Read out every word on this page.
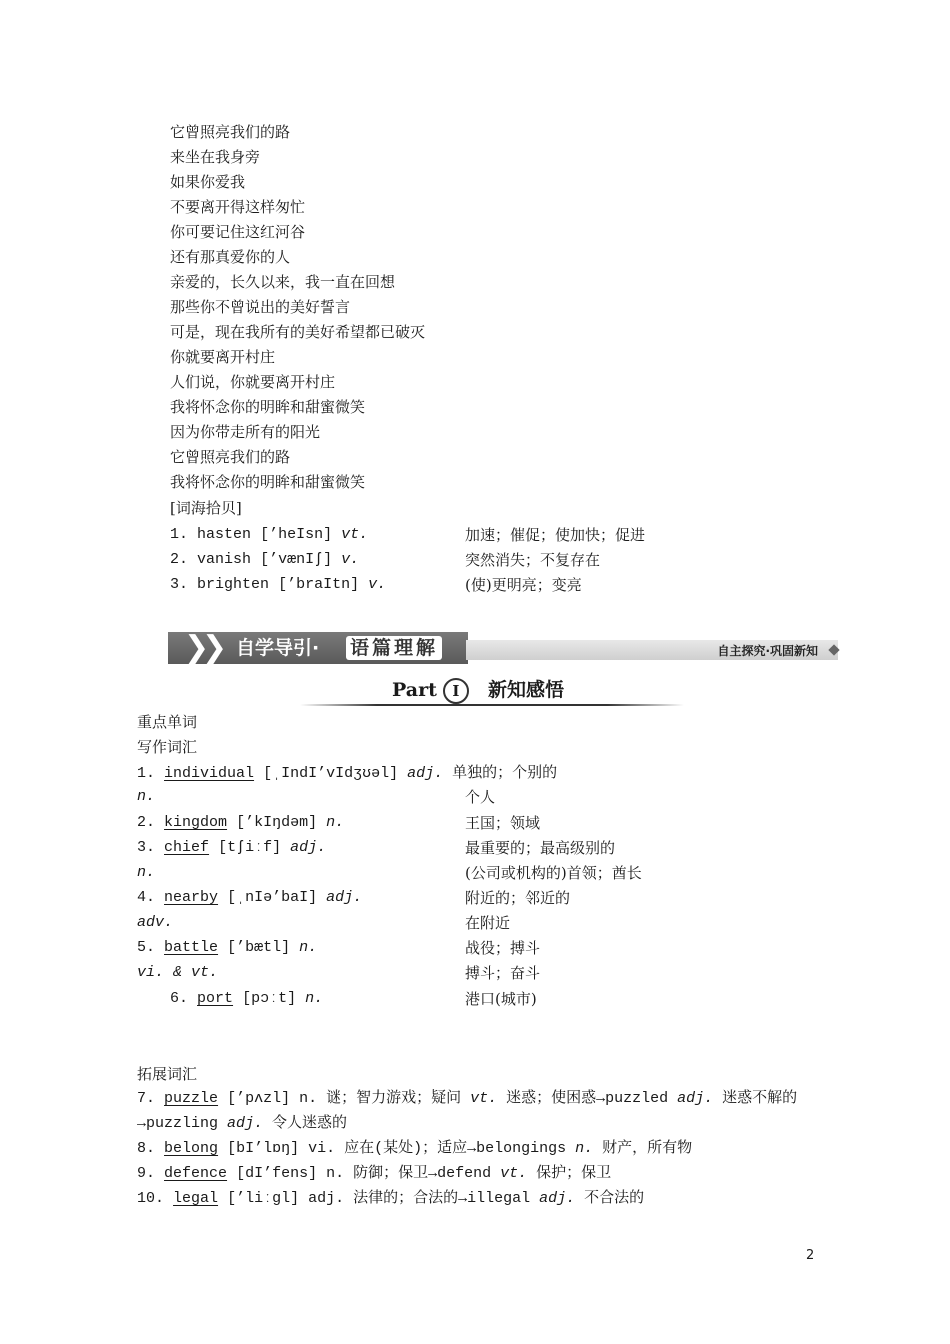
它曾照亮我们的路
来坐在我身旁
如果你爱我
不要离开得这样匆忙
你可要记住这红河谷
还有那真爱你的人
亲爱的，长久以来，我一直在回想
那些你不曾说出的美好誓言
可是，现在我所有的美好希望都已破灭
你就要离开村庄
人们说，你就要离开村庄
我将怀念你的明眸和甜蜜微笑
因为你带走所有的阳光
它曾照亮我们的路
我将怀念你的明眸和甜蜜微笑
[词海拾贝]
1. hasten [’heIsn] vt.	加速；催促；使加快；促进
2. vanish [’vænIʃ] v.	突然消失；不复存在
3. brighten [’braItn] v.	(使)更明亮；变亮
❯
❯ 自学导引· 语篇理解	自主探究·巩固新知
Part I	新知感悟
重点单词
写作词汇
1. individual [ˌIndI’vIdʒʊəl] adj. 单独的；个别的
n.	个人
2. kingdom [’kIŋdəm] n.	王国；领域
3. chief [tʃiːf] adj.	最重要的；最高级别的
n.	(公司或机构的)首领；酋长
4. nearby [ˌnIə’baI] adj.	附近的；邻近的
adv.	在附近
5. battle [’bætl] n.	战役；搏斗
vi. & vt.	搏斗；奋斗
6. port [pɔːt] n.	港口(城市)
拓展词汇
7. puzzle [’pʌzl] n. 谜；智力游戏；疑问 vt. 迷惑；使困惑→puzzled adj. 迷惑不解的
→puzzling adj. 令人迷惑的
8. belong [bI’lɒŋ] vi. 应在(某处)；适应→belongings n. 财产，所有物
9. defence [dI’fens] n. 防御；保卫→defend vt. 保护；保卫
10. legal [’liːgl] adj. 法律的；合法的→illegal adj. 不合法的
2
